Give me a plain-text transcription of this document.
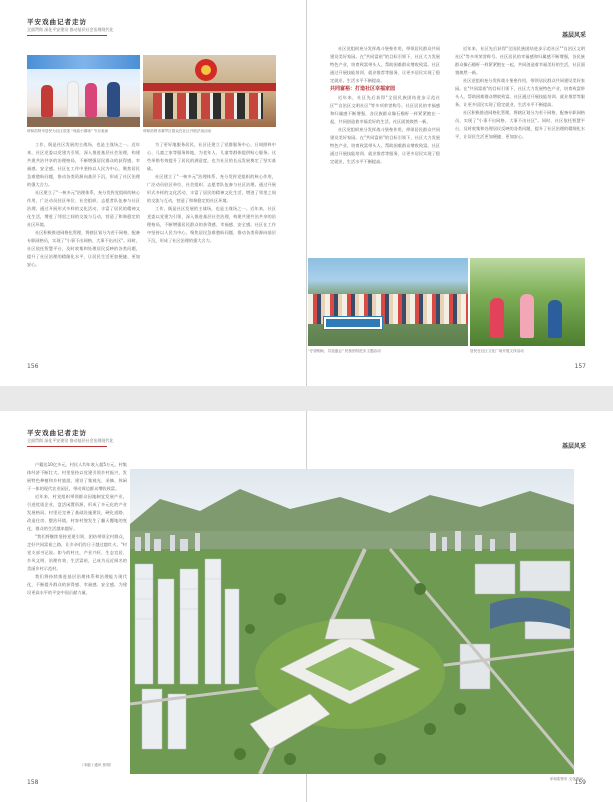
平安戏曲记者走访
全面贯彻 深化平安建设 推动基层社会治理现代化
基层风采
呼和浩特市居民为社区讲述 "戏曲小剧场" 节目表演	呼和浩特市赛罕区群众在社区开展法治活动

工作，既是社区发展的主战场，也是主战场之一。近年来，社区党委以党建为引领，深入推进基层社会治理，构建共建共治共享的治理格局，不断增强居民群众的获得感、幸福感、安全感。社区在工作中坚持以人民为中心，聚焦居民急难愁盼问题，推动各类资源向基层下沉，形成了社区治理的强大合力。

社区建立了"一核多元"治理体系，充分发挥党组织的核心作用，广泛动员驻区单位、社会组织、志愿者队伍参与社区治理。通过开展形式多样的文化活动，丰富了居民的精神文化生活，增进了邻里之间的交流与互动，营造了和谐稳定的社区环境。

社区积极推进网格化管理，将辖区划分为若干网格，配备专职网格员，实现了"小事不出网格、大事不出社区"。同时，社区依托智慧平台，及时收集和处理居民反映的各类问题，提升了社区治理的精细化水平，让居民生活更加便捷、更加安心。

为了更好地服务居民，社区还建立了党群服务中心、日间照料中心、儿童之家等服务阵地，为老年人、儿童等群体提供贴心服务。这些举措有效提升了居民的满意度，也为社区的长远发展奠定了坚实基础。

社区建立了"一核多元"治理体系，充分发挥党组织的核心作用，广泛动员驻区单位、社会组织、志愿者队伍参与社区治理。通过开展形式多样的文化活动，丰富了居民的精神文化生活，增进了邻里之间的交流与互动，营造了和谐稳定的社区环境。

工作，既是社区发展的主战场，也是主战场之一。近年来，社区党委以党建为引领，深入推进基层社会治理，构建共建共治共享的治理格局，不断增强居民群众的获得感、幸福感、安全感。社区在工作中坚持以人民为中心，聚焦居民急难愁盼问题，推动各类资源向基层下沉，形成了社区治理的强大合力。

156

社区党组织充分发挥战斗堡垒作用，带领居民群众共同建设美好家园。在"共同富裕"的目标引领下，社区大力发展特色产业，培育致富带头人，帮助困难群众增收致富。社区通过开展技能培训、就业推荐等服务，让更多居民实现了稳定就业，生活水平不断提高。

共同富裕：打造社区幸福家园

近年来，社区先后获得"全国民族团结进步示范社区""自治区文明社区"等多项荣誉称号。社区居民的幸福感和归属感不断增强，各民族群众像石榴籽一样紧紧抱在一起，共同创造着幸福美好的生活，社区面貌焕然一新。

社区党组织充分发挥战斗堡垒作用，带领居民群众共同建设美好家园。在"共同富裕"的目标引领下，社区大力发展特色产业，培育致富带头人，帮助困难群众增收致富。社区通过开展技能培训、就业推荐等服务，让更多居民实现了稳定就业，生活水平不断提高。

近年来，社区先后获得"全国民族团结进步示范社区""自治区文明社区"等多项荣誉称号。社区居民的幸福感和归属感不断增强，各民族群众像石榴籽一样紧紧抱在一起，共同创造着幸福美好的生活，社区面貌焕然一新。

社区党组织充分发挥战斗堡垒作用，带领居民群众共同建设美好家园。在"共同富裕"的目标引领下，社区大力发展特色产业，培育致富带头人，帮助困难群众增收致富。社区通过开展技能培训、就业推荐等服务，让更多居民实现了稳定就业，生活水平不断提高。

社区积极推进网格化管理，将辖区划分为若干网格，配备专职网格员，实现了"小事不出网格、大事不出社区"。同时，社区依托智慧平台，及时收集和处理居民反映的各类问题，提升了社区治理的精细化水平，让居民生活更加便捷、更加安心。

"守望相助，共迎盛会" 民族团结进步主题活动	居民在社区文化广场开展文体活动
157
平安戏曲记者走访
全面贯彻 深化平安建设 推动基层社会治理现代化
基层风采

户籍达10亿多元，村民人均年收入超5万元，村集体经济不断壮大。村里坚持以党建引领乡村振兴，发展特色种植和乡村旅游，建设了集观光、采摘、休闲于一体的现代农业园区，带动周边群众增收致富。

近年来，村党组织带领群众因地制宜发展产业，引进优质企业，盘活闲置资源，形成了多元化的产业发展格局。村里还完善了基础设施建设，硬化道路、改造住房、整治环境，村容村貌发生了翻天覆地的变化，群众的生活越来越好。

"我们将继续坚持党建引领，团结带领全村群众，走好共同富裕之路，让乡亲们的日子越过越红火。"村党支部书记说。如今的村庄，产业兴旺、生态宜居、乡风文明、治理有效、生活富裕，已成为远近闻名的美丽乡村示范村。

我们将持续推进基层治理体系和治理能力现代化，不断提升群众的获得感、幸福感、安全感，为建设更高水平的平安中国贡献力量。

（本版 / 通讯 张明）
呼和浩特市 文化惠民
158	159
